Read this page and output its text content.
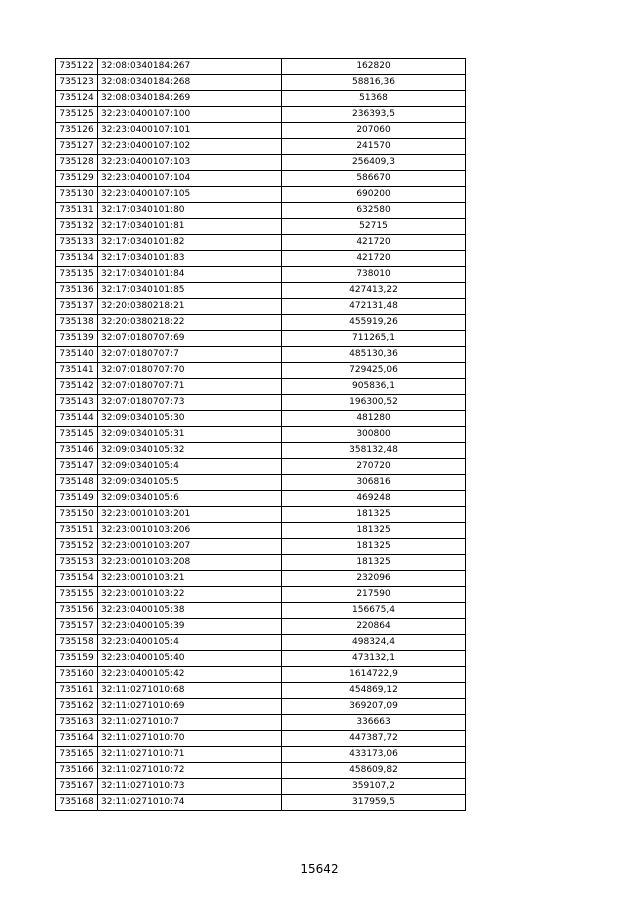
735122	32:08:0340184:267	162820
735123	32:08:0340184:268	58816,36
735124	32:08:0340184:269	51368
735125	32:23:0400107:100	236393,5
735126	32:23:0400107:101	207060
735127	32:23:0400107:102	241570
735128	32:23:0400107:103	256409,3
735129	32:23:0400107:104	586670
735130	32:23:0400107:105	690200
735131	32:17:0340101:80	632580
735132	32:17:0340101:81	52715
735133	32:17:0340101:82	421720
735134	32:17:0340101:83	421720
735135	32:17:0340101:84	738010
735136	32:17:0340101:85	427413,22
735137	32:20:0380218:21	472131,48
735138	32:20:0380218:22	455919,26
735139	32:07:0180707:69	711265,1
735140	32:07:0180707:7	485130,36
735141	32:07:0180707:70	729425,06
735142	32:07:0180707:71	905836,1
735143	32:07:0180707:73	196300,52
735144	32:09:0340105:30	481280
735145	32:09:0340105:31	300800
735146	32:09:0340105:32	358132,48
735147	32:09:0340105:4	270720
735148	32:09:0340105:5	306816
735149	32:09:0340105:6	469248
735150	32:23:0010103:201	181325
735151	32:23:0010103:206	181325
735152	32:23:0010103:207	181325
735153	32:23:0010103:208	181325
735154	32:23:0010103:21	232096
735155	32:23:0010103:22	217590
735156	32:23:0400105:38	156675,4
735157	32:23:0400105:39	220864
735158	32:23:0400105:4	498324,4
735159	32:23:0400105:40	473132,1
735160	32:23:0400105:42	1614722,9
735161	32:11:0271010:68	454869,12
735162	32:11:0271010:69	369207,09
735163	32:11:0271010:7	336663
735164	32:11:0271010:70	447387,72
735165	32:11:0271010:71	433173,06
735166	32:11:0271010:72	458609,82
735167	32:11:0271010:73	359107,2
735168	32:11:0271010:74	317959,5
15642
